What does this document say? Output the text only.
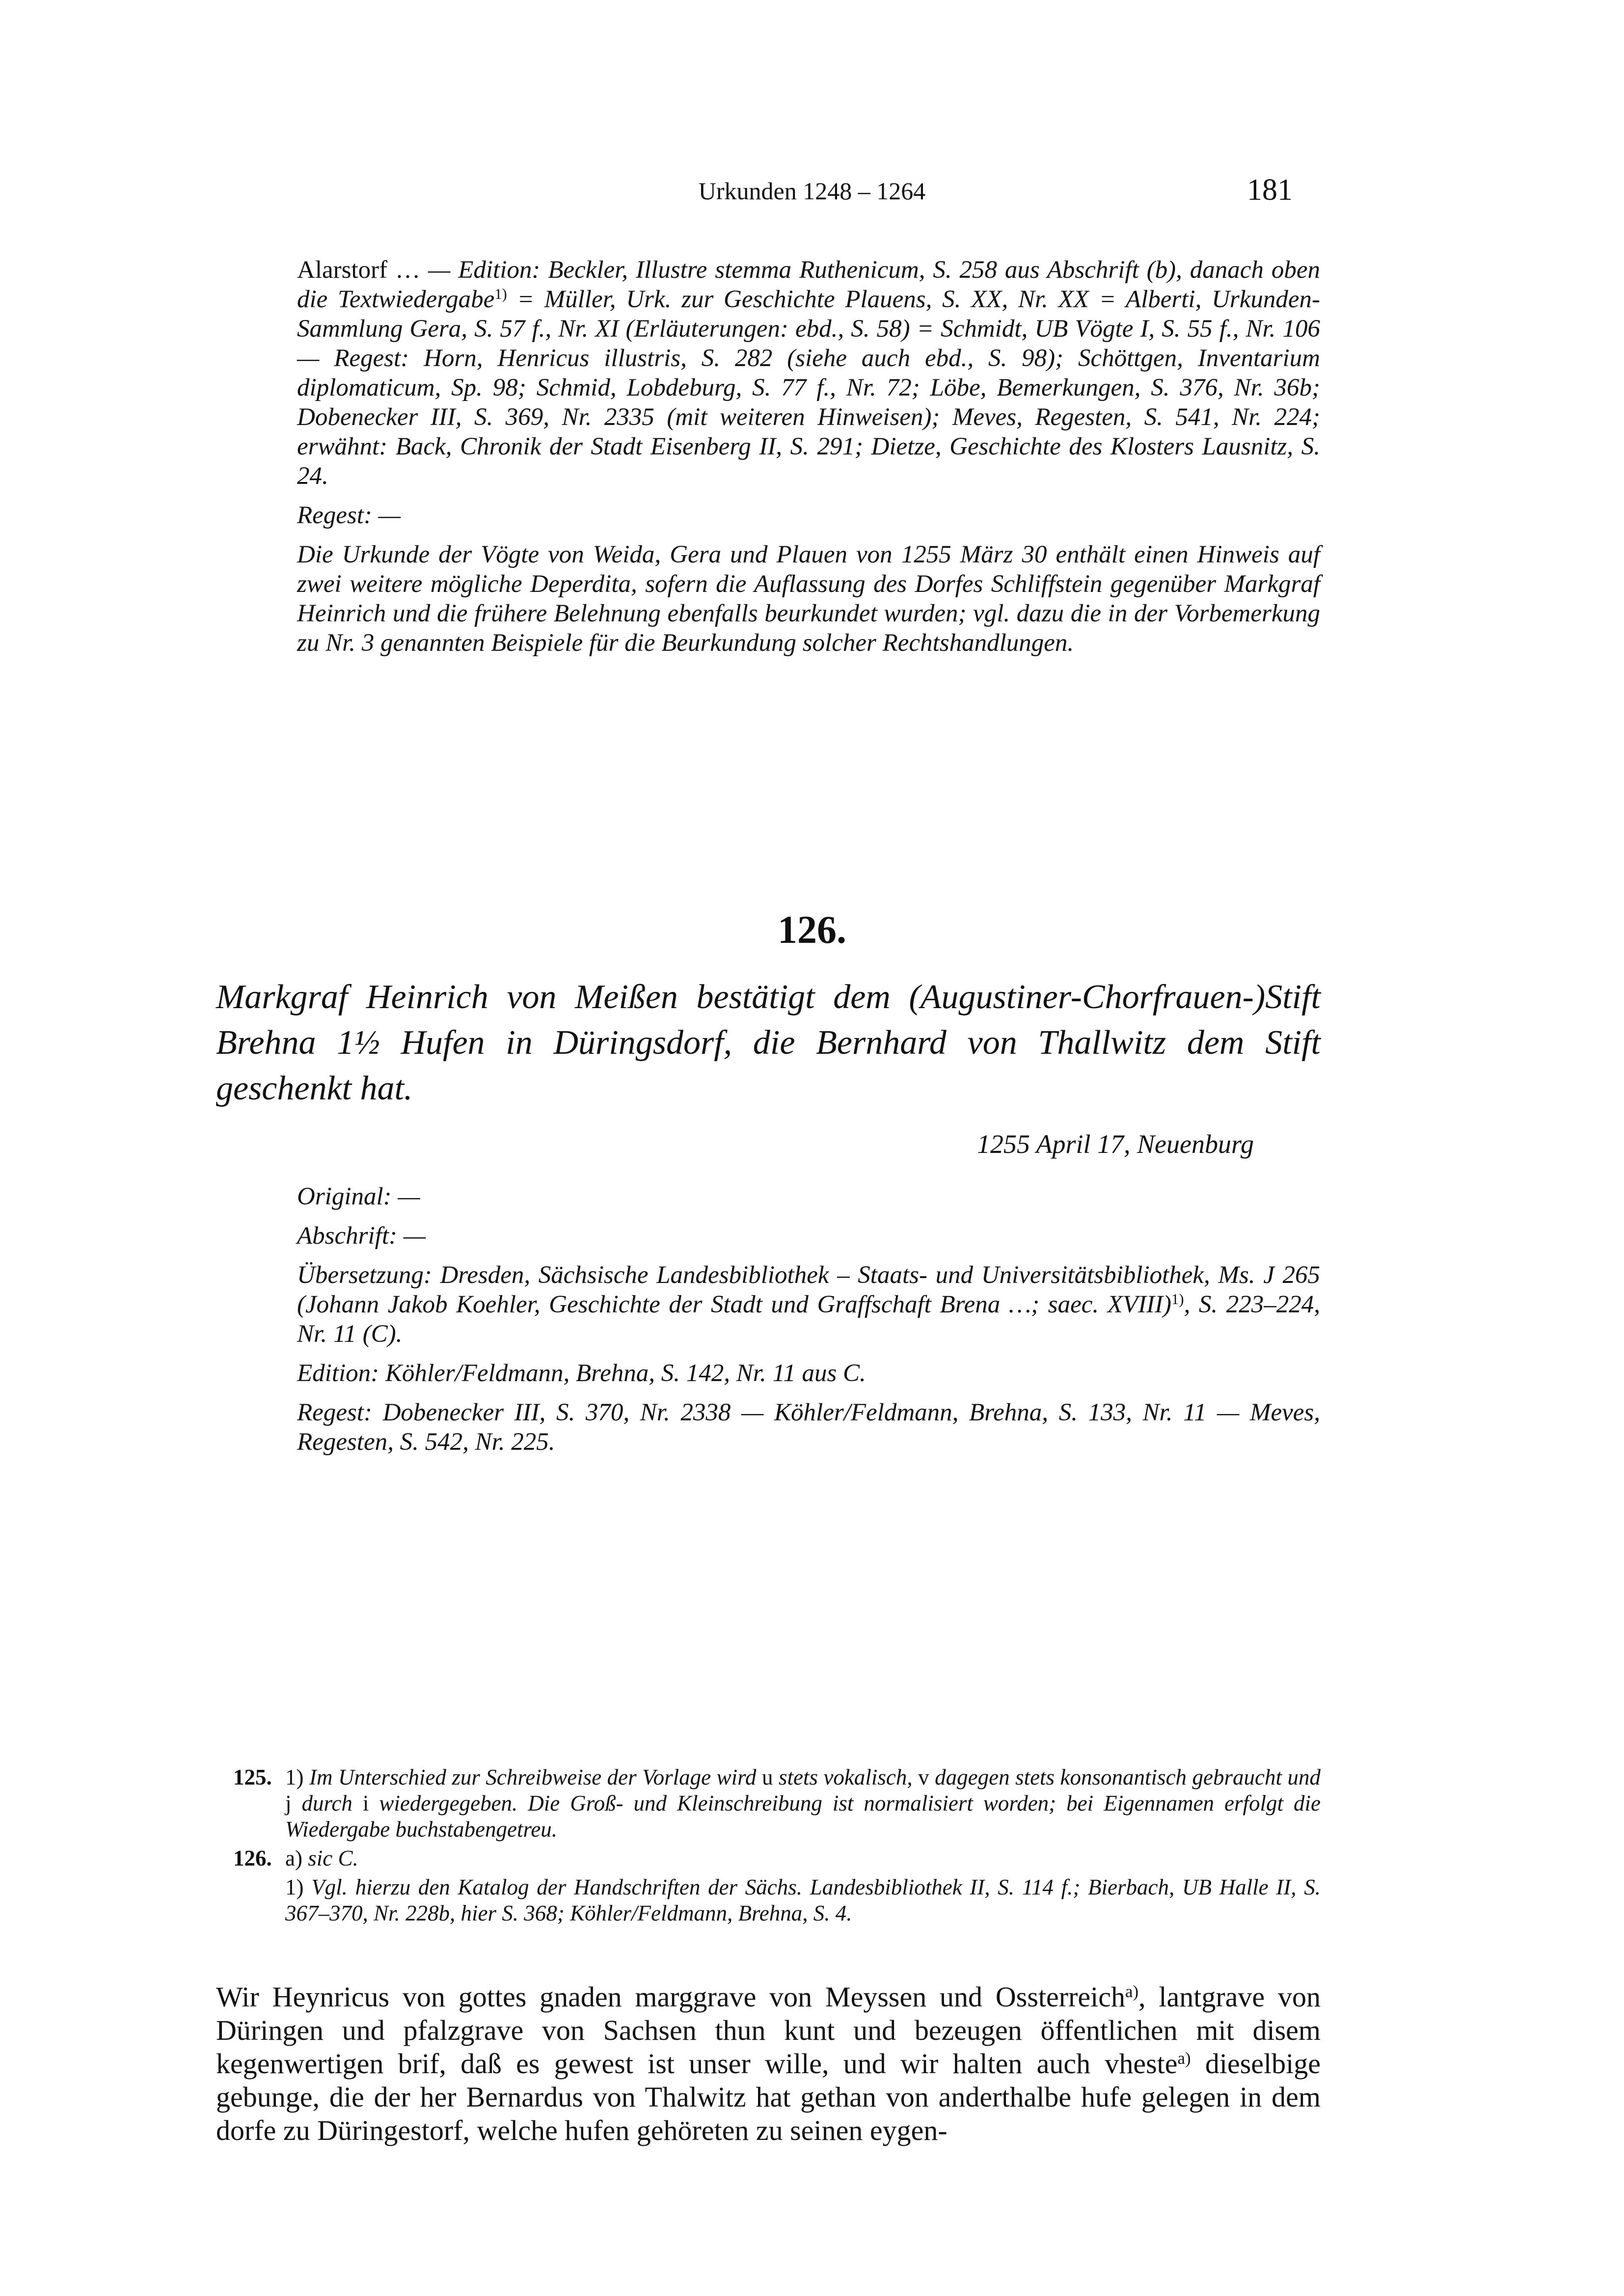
Urkunden 1248 – 1264	181

Alarstorf … — Edition: Beckler, Illustre stemma Ruthenicum, S. 258 aus Abschrift (b), danach oben die Textwiedergabe$^{1)}$ = Müller, Urk. zur Geschichte Plauens, S. XX, Nr. XX = Alberti, Urkunden-Sammlung Gera, S. 57 f., Nr. XI (Erläuterungen: ebd., S. 58) = Schmidt, UB Vögte I, S. 55 f., Nr. 106 — Regest: Horn, Henricus illustris, S. 282 (siehe auch ebd., S. 98); Schöttgen, Inventarium diplomaticum, Sp. 98; Schmid, Lobdeburg, S. 77 f., Nr. 72; Löbe, Bemerkungen, S. 376, Nr. 36b; Dobenecker III, S. 369, Nr. 2335 (mit weiteren Hinweisen); Meves, Regesten, S. 541, Nr. 224; erwähnt: Back, Chronik der Stadt Eisenberg II, S. 291; Dietze, Geschichte des Klosters Lausnitz, S. 24.

Regest: —

Die Urkunde der Vögte von Weida, Gera und Plauen von 1255 März 30 enthält einen Hinweis auf zwei weitere mögliche Deperdita, sofern die Auflassung des Dorfes Schliffstein gegenüber Markgraf Heinrich und die frühere Belehnung ebenfalls beurkundet wurden; vgl. dazu die in der Vorbemerkung zu Nr. 3 genannten Beispiele für die Beurkundung solcher Rechtshandlungen.

126.
Markgraf Heinrich von Meißen bestätigt dem (Augustiner-Chorfrauen-)Stift Brehna 1½ Hufen in Düringsdorf, die Bernhard von Thallwitz dem Stift geschenkt hat.
1255 April 17, Neuenburg

Original: —

Abschrift: —

Übersetzung: Dresden, Sächsische Landesbibliothek – Staats- und Universitätsbibliothek, Ms. J 265 (Johann Jakob Koehler, Geschichte der Stadt und Graffschaft Brena …; saec. XVIII)$^{1)}$, S. 223–224, Nr. 11 (C).

Edition: Köhler/Feldmann, Brehna, S. 142, Nr. 11 aus C.

Regest: Dobenecker III, S. 370, Nr. 2338 — Köhler/Feldmann, Brehna, S. 133, Nr. 11 — Meves, Regesten, S. 542, Nr. 225.

Wir Heynricus von gottes gnaden marggrave von Meyssen und Ossterreich$^{a)}$, lantgrave von Düringen und pfalzgrave von Sachsen thun kunt und bezeugen öffentlichen mit disem kegenwertigen brif, daß es gewest ist unser wille, und wir halten auch vheste$^{a)}$ dieselbige gebunge, die der her Bernardus von Thalwitz hat gethan von anderthalbe hufe gelegen in dem dorfe zu Düringestorf, welche hufen gehöreten zu seinen eygen-

125. 1) Im Unterschied zur Schreibweise der Vorlage wird u stets vokalisch, v dagegen stets konsonantisch gebraucht und j durch i wiedergegeben. Die Groß- und Kleinschreibung ist normalisiert worden; bei Eigennamen erfolgt die Wiedergabe buchstabengetreu.
126. a) sic C.
1) Vgl. hierzu den Katalog der Handschriften der Sächs. Landesbibliothek II, S. 114 f.; Bierbach, UB Halle II, S. 367–370, Nr. 228b, hier S. 368; Köhler/Feldmann, Brehna, S. 4.
